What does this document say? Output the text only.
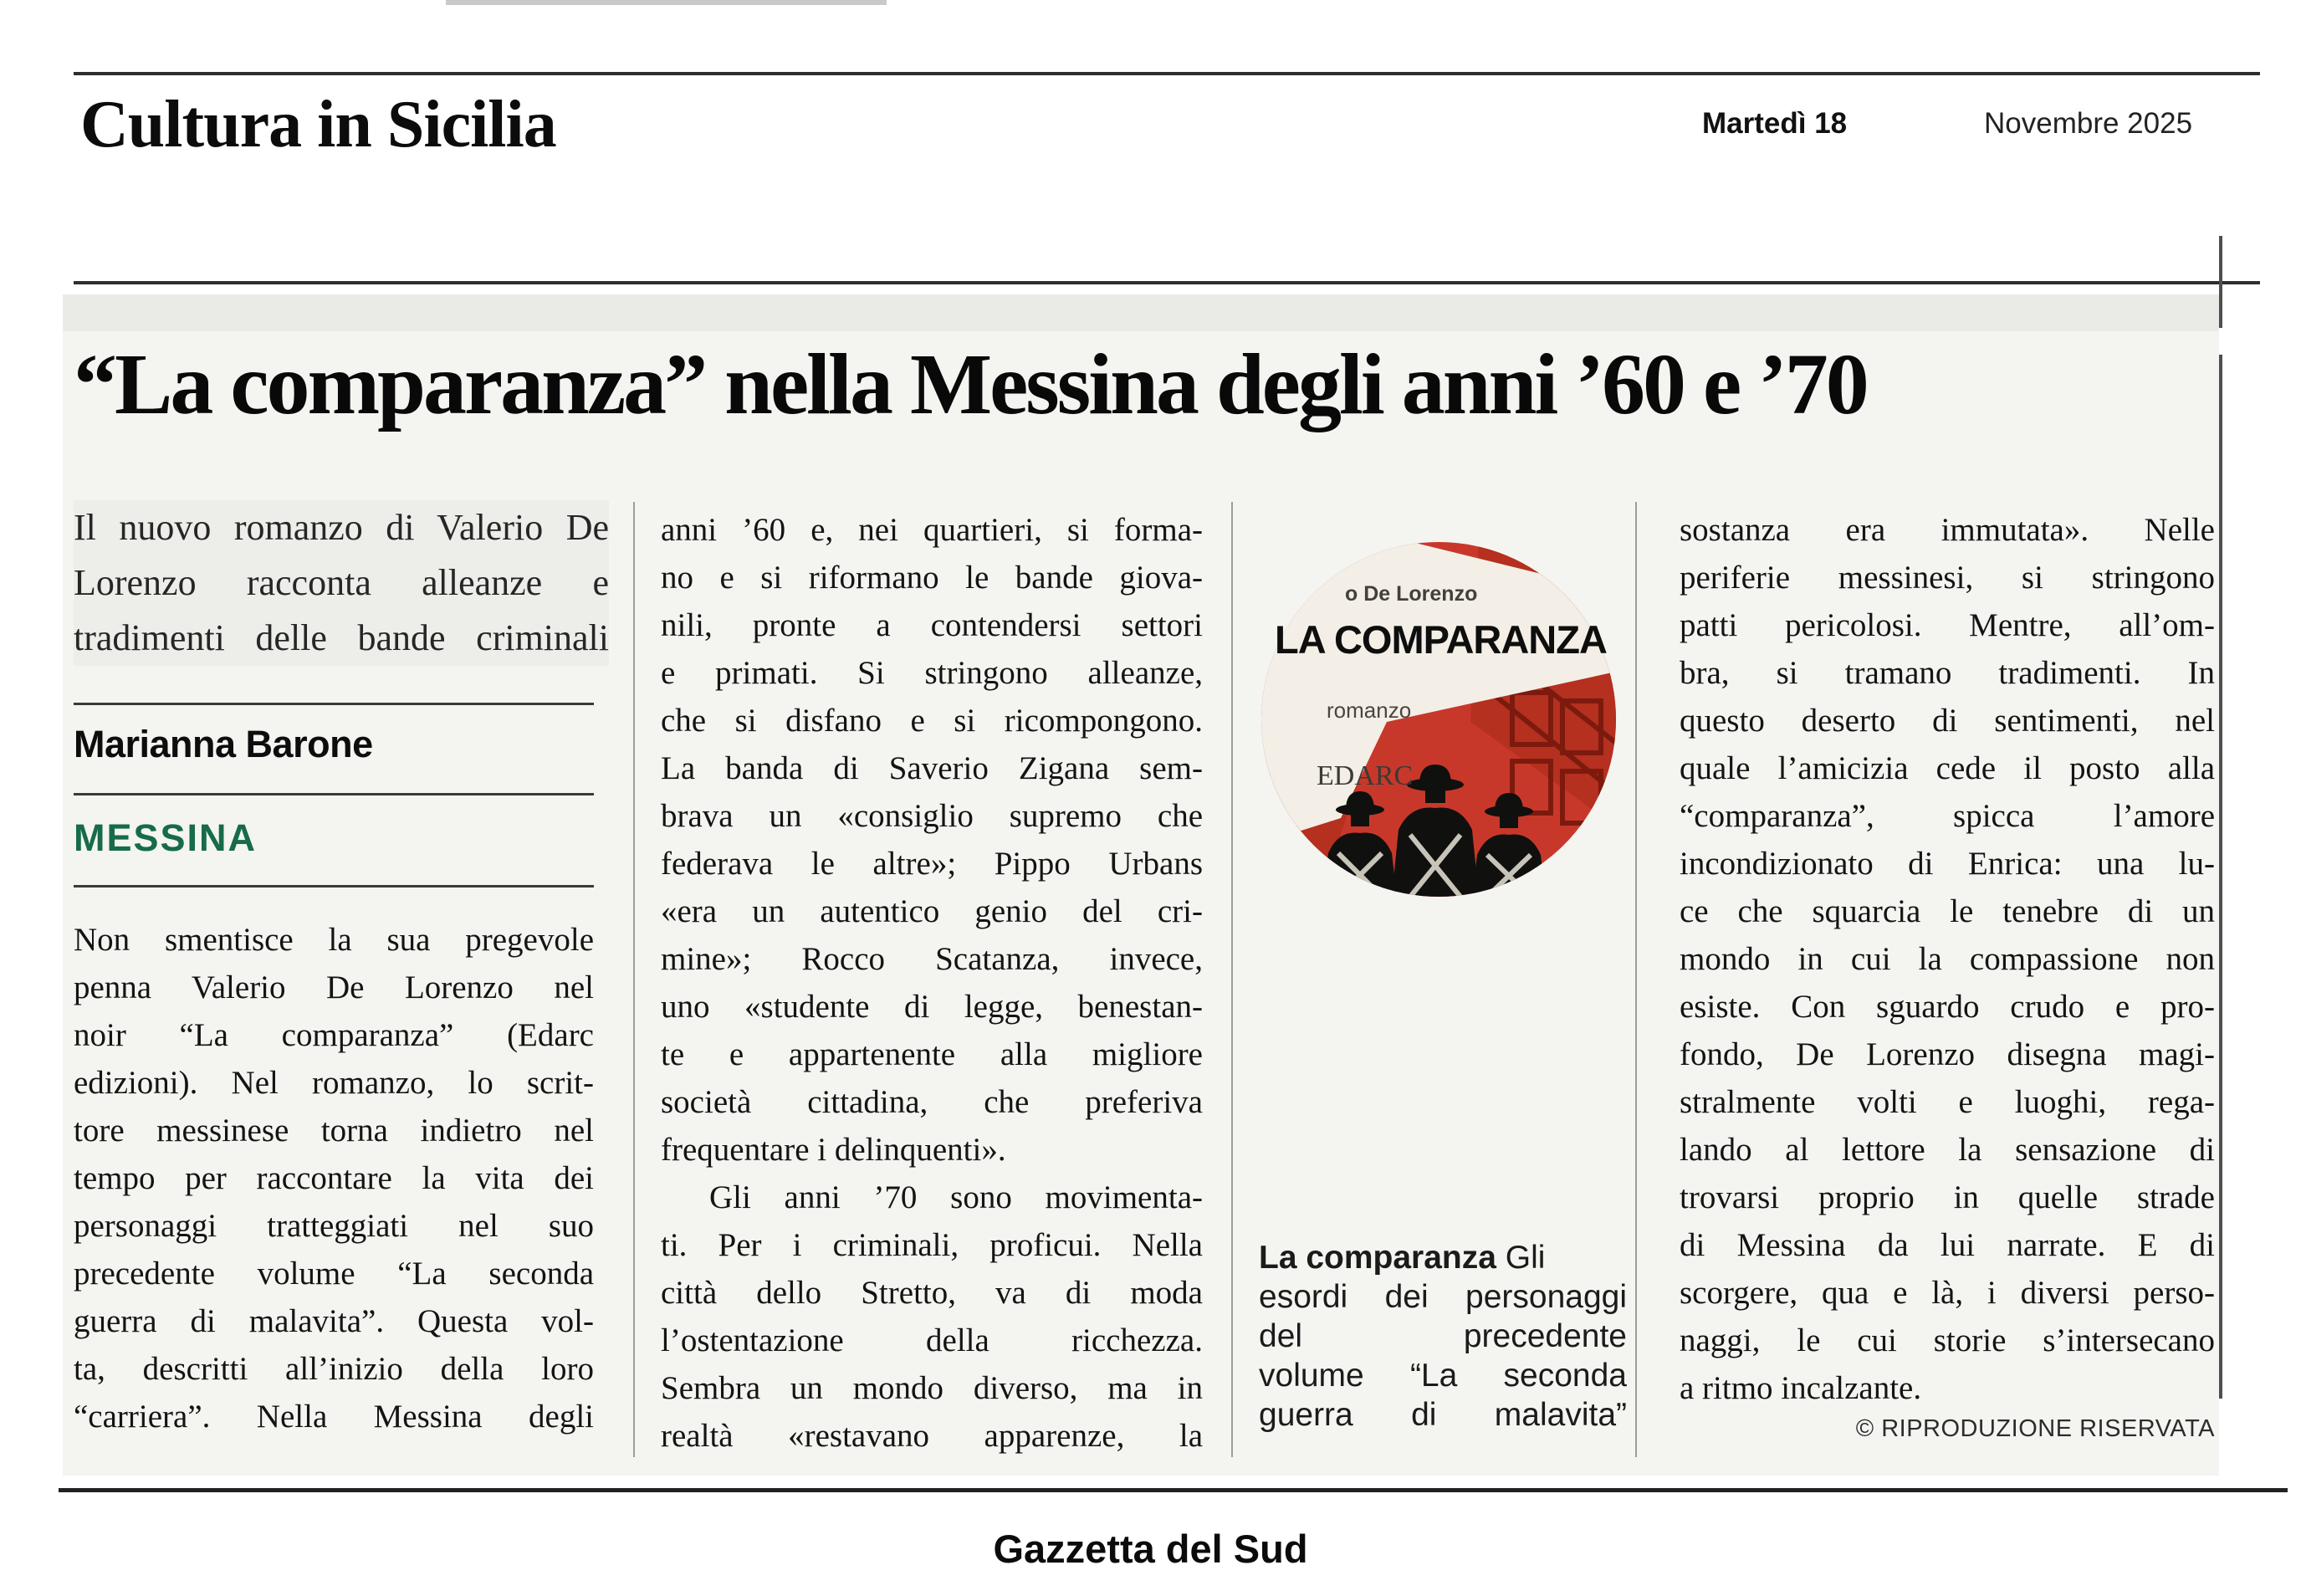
Cultura in Sicilia	Martedì 18	Novembre 2025
“La comparanza” nella Messina degli anni ’60 e ’70
Il nuovo romanzo di Valerio De
Lorenzo racconta alleanze e
tradimenti delle bande criminali
Marianna Barone
MESSINA
Non smentisce la sua pregevole
penna Valerio De Lorenzo nel
noir “La comparanza” (Edarc
edizioni). Nel romanzo, lo scrit-
tore messinese torna indietro nel
tempo per raccontare la vita dei
personaggi tratteggiati nel suo
precedente volume “La seconda
guerra di malavita”. Questa vol-
ta, descritti all’inizio della loro
“carriera”. Nella Messina degli
anni ’60 e, nei quartieri, si forma-
no e si riformano le bande giova-
nili, pronte a contendersi settori
e primati. Si stringono alleanze,
che si disfano e si ricompongono.
La banda di Saverio Zigana sem-
brava un «consiglio supremo che
federava le altre»; Pippo Urbans
«era un autentico genio del cri-
mine»; Rocco Scatanza, invece,
uno «studente di legge, benestan-
te e appartenente alla migliore
società cittadina, che preferiva
frequentare i delinquenti».
Gli anni ’70 sono movimenta-
ti. Per i criminali, proficui. Nella
città dello Stretto, va di moda
l’ostentazione della ricchezza.
Sembra un mondo diverso, ma in
realtà «restavano apparenze, la
sostanza era immutata». Nelle
periferie messinesi, si stringono
patti pericolosi. Mentre, all’om-
bra, si tramano tradimenti. In
questo deserto di sentimenti, nel
quale l’amicizia cede il posto alla
“comparanza”, spicca l’amore
incondizionato di Enrica: una lu-
ce che squarcia le tenebre di un
mondo in cui la compassione non
esiste. Con sguardo crudo e pro-
fondo, De Lorenzo disegna magi-
stralmente volti e luoghi, rega-
lando al lettore la sensazione di
trovarsi proprio in quelle strade
di Messina da lui narrate. E di
scorgere, qua e là, i diversi perso-
naggi, le cui storie s’intersecano
a ritmo incalzante.
o De Lorenzo
LA COMPARANZA
romanzo
EDARC
La comparanza Gli
esordi dei personaggi
del precedente
volume “La seconda
guerra di malavita”	© RIPRODUZIONE RISERVATA
Gazzetta del Sud
